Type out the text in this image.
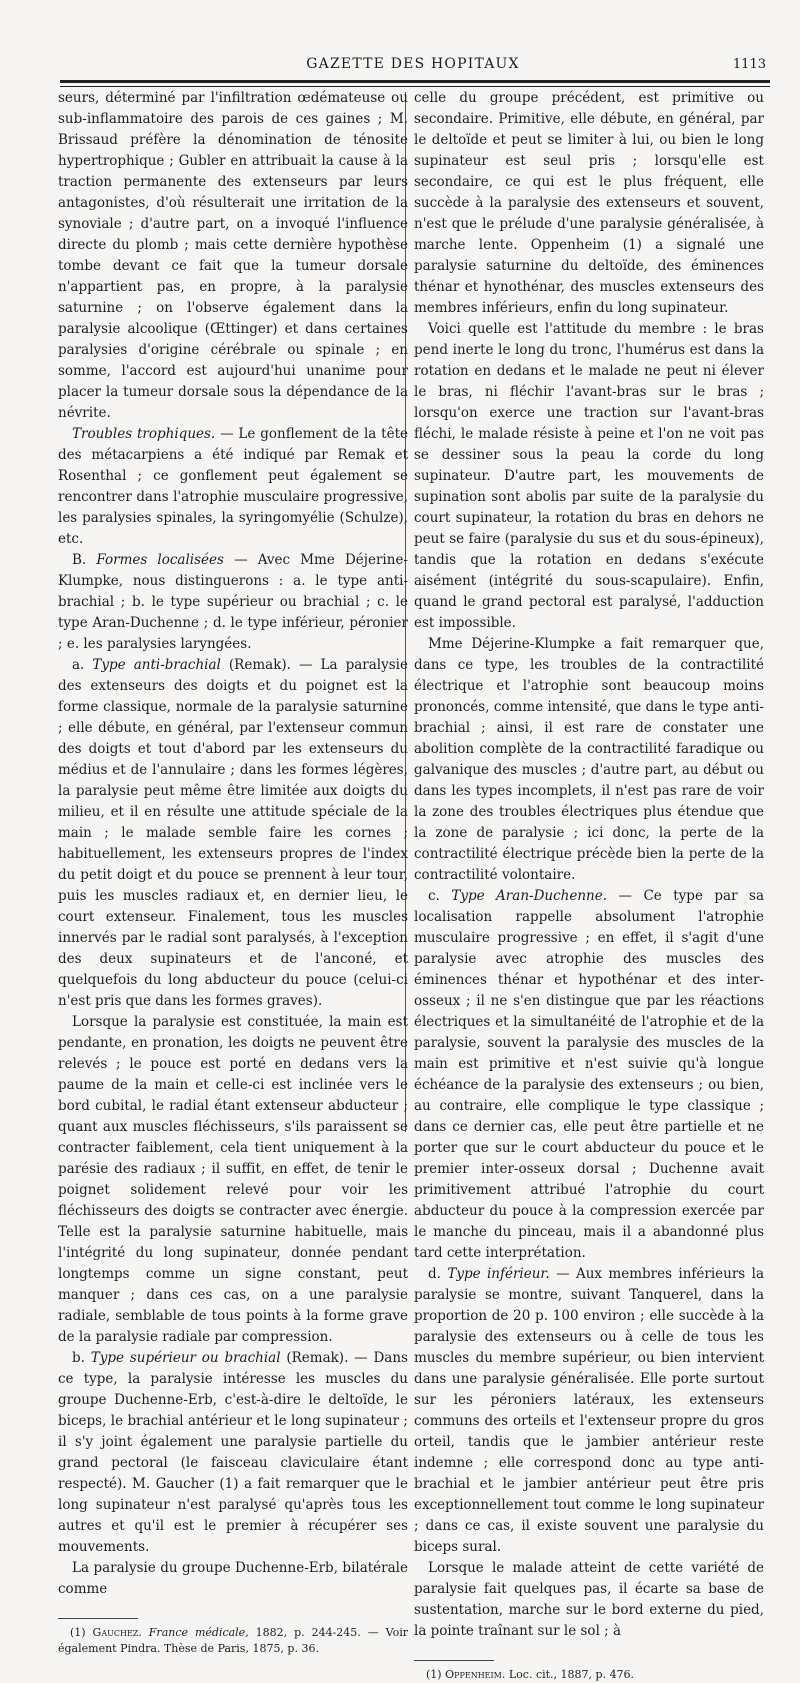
GAZETTE DES HOPITAUX	1113

seurs, déterminé par l'infiltration œdémateuse ou sub-inflammatoire des parois de ces gaines ; M. Brissaud préfère la dénomination de ténosite hypertrophique ; Gubler en attribuait la cause à la traction permanente des extenseurs par leurs antagonistes, d'où résulterait une irritation de la synoviale ; d'autre part, on a invoqué l'influence directe du plomb ; mais cette dernière hypothèse tombe devant ce fait que la tumeur dorsale n'appartient pas, en propre, à la paralysie saturnine ; on l'observe également dans la paralysie alcoolique (Œttinger) et dans certaines paralysies d'origine cérébrale ou spinale ; en somme, l'accord est aujourd'hui unanime pour placer la tumeur dorsale sous la dépendance de la névrite.

Troubles trophiques. — Le gonflement de la tête des métacarpiens a été indiqué par Remak et Rosenthal ; ce gonflement peut également se rencontrer dans l'atrophie musculaire progressive, les paralysies spinales, la syringomyélie (Schulze), etc.

B. Formes localisées — Avec Mme Déjerine-Klumpke, nous distinguerons : a. le type anti-brachial ; b. le type supérieur ou brachial ; c. le type Aran-Duchenne ; d. le type inférieur, péronier ; e. les paralysies laryngées.

a. Type anti-brachial (Remak). — La paralysie des extenseurs des doigts et du poignet est la forme classique, normale de la paralysie saturnine ; elle débute, en général, par l'extenseur commun des doigts et tout d'abord par les extenseurs du médius et de l'annulaire ; dans les formes légères, la paralysie peut même être limitée aux doigts du milieu, et il en résulte une attitude spéciale de la main ; le malade semble faire les cornes ; habituellement, les extenseurs propres de l'index du petit doigt et du pouce se prennent à leur tour, puis les muscles radiaux et, en dernier lieu, le court extenseur. Finalement, tous les muscles innervés par le radial sont paralysés, à l'exception des deux supinateurs et de l'anconé, et quelquefois du long abducteur du pouce (celui-ci n'est pris que dans les formes graves).

Lorsque la paralysie est constituée, la main est pendante, en pronation, les doigts ne peuvent être relevés ; le pouce est porté en dedans vers la paume de la main et celle-ci est inclinée vers le bord cubital, le radial étant extenseur abducteur ; quant aux muscles fléchisseurs, s'ils paraissent se contracter faiblement, cela tient uniquement à la parésie des radiaux ; il suffit, en effet, de tenir le poignet solidement relevé pour voir les fléchisseurs des doigts se contracter avec énergie. Telle est la paralysie saturnine habituelle, mais l'intégrité du long supinateur, donnée pendant longtemps comme un signe constant, peut manquer ; dans ces cas, on a une paralysie radiale, semblable de tous points à la forme grave de la paralysie radiale par compression.

b. Type supérieur ou brachial (Remak). — Dans ce type, la paralysie intéresse les muscles du groupe Duchenne-Erb, c'est-à-dire le deltoïde, le biceps, le brachial antérieur et le long supinateur ; il s'y joint également une paralysie partielle du grand pectoral (le faisceau claviculaire étant respecté). M. Gaucher (1) a fait remarquer que le long supinateur n'est paralysé qu'après tous les autres et qu'il est le premier à récupérer ses mouvements.

La paralysie du groupe Duchenne-Erb, bilatérale comme

(1) Gauchez. France médicale, 1882, p. 244-245. — Voir également Pindra. Thèse de Paris, 1875, p. 36.

celle du groupe précédent, est primitive ou secondaire. Primitive, elle débute, en général, par le deltoïde et peut se limiter à lui, ou bien le long supinateur est seul pris ; lorsqu'elle est secondaire, ce qui est le plus fréquent, elle succède à la paralysie des extenseurs et souvent, n'est que le prélude d'une paralysie généralisée, à marche lente. Oppenheim (1) a signalé une paralysie saturnine du deltoïde, des éminences thénar et hynothénar, des muscles extenseurs des membres inférieurs, enfin du long supinateur.

Voici quelle est l'attitude du membre : le bras pend inerte le long du tronc, l'humérus est dans la rotation en dedans et le malade ne peut ni élever le bras, ni fléchir l'avant-bras sur le bras ; lorsqu'on exerce une traction sur l'avant-bras fléchi, le malade résiste à peine et l'on ne voit pas se dessiner sous la peau la corde du long supinateur. D'autre part, les mouvements de supination sont abolis par suite de la paralysie du court supinateur, la rotation du bras en dehors ne peut se faire (paralysie du sus et du sous-épineux), tandis que la rotation en dedans s'exécute aisément (intégrité du sous-scapulaire). Enfin, quand le grand pectoral est paralysé, l'adduction est impossible.

Mme Déjerine-Klumpke a fait remarquer que, dans ce type, les troubles de la contractilité électrique et l'atrophie sont beaucoup moins prononcés, comme intensité, que dans le type anti-brachial ; ainsi, il est rare de constater une abolition complète de la contractilité faradique ou galvanique des muscles ; d'autre part, au début ou dans les types incomplets, il n'est pas rare de voir la zone des troubles électriques plus étendue que la zone de paralysie ; ici donc, la perte de la contractilité électrique précède bien la perte de la contractilité volontaire.

c. Type Aran-Duchenne. — Ce type par sa localisation rappelle absolument l'atrophie musculaire progressive ; en effet, il s'agit d'une paralysie avec atrophie des muscles des éminences thénar et hypothénar et des inter-osseux ; il ne s'en distingue que par les réactions électriques et la simultanéité de l'atrophie et de la paralysie, souvent la paralysie des muscles de la main est primitive et n'est suivie qu'à longue échéance de la paralysie des extenseurs ; ou bien, au contraire, elle complique le type classique ; dans ce dernier cas, elle peut être partielle et ne porter que sur le court abducteur du pouce et le premier inter-osseux dorsal ; Duchenne avait primitivement attribué l'atrophie du court abducteur du pouce à la compression exercée par le manche du pinceau, mais il a abandonné plus tard cette interprétation.

d. Type inférieur. — Aux membres inférieurs la paralysie se montre, suivant Tanquerel, dans la proportion de 20 p. 100 environ ; elle succède à la paralysie des extenseurs ou à celle de tous les muscles du membre supérieur, ou bien intervient dans une paralysie généralisée. Elle porte surtout sur les péroniers latéraux, les extenseurs communs des orteils et l'extenseur propre du gros orteil, tandis que le jambier antérieur reste indemne ; elle correspond donc au type anti-brachial et le jambier antérieur peut être pris exceptionnellement tout comme le long supinateur ; dans ce cas, il existe souvent une paralysie du biceps sural.

Lorsque le malade atteint de cette variété de paralysie fait quelques pas, il écarte sa base de sustentation, marche sur le bord externe du pied, la pointe traînant sur le sol ; à

(1) Oppenheim. Loc. cit., 1887, p. 476.
